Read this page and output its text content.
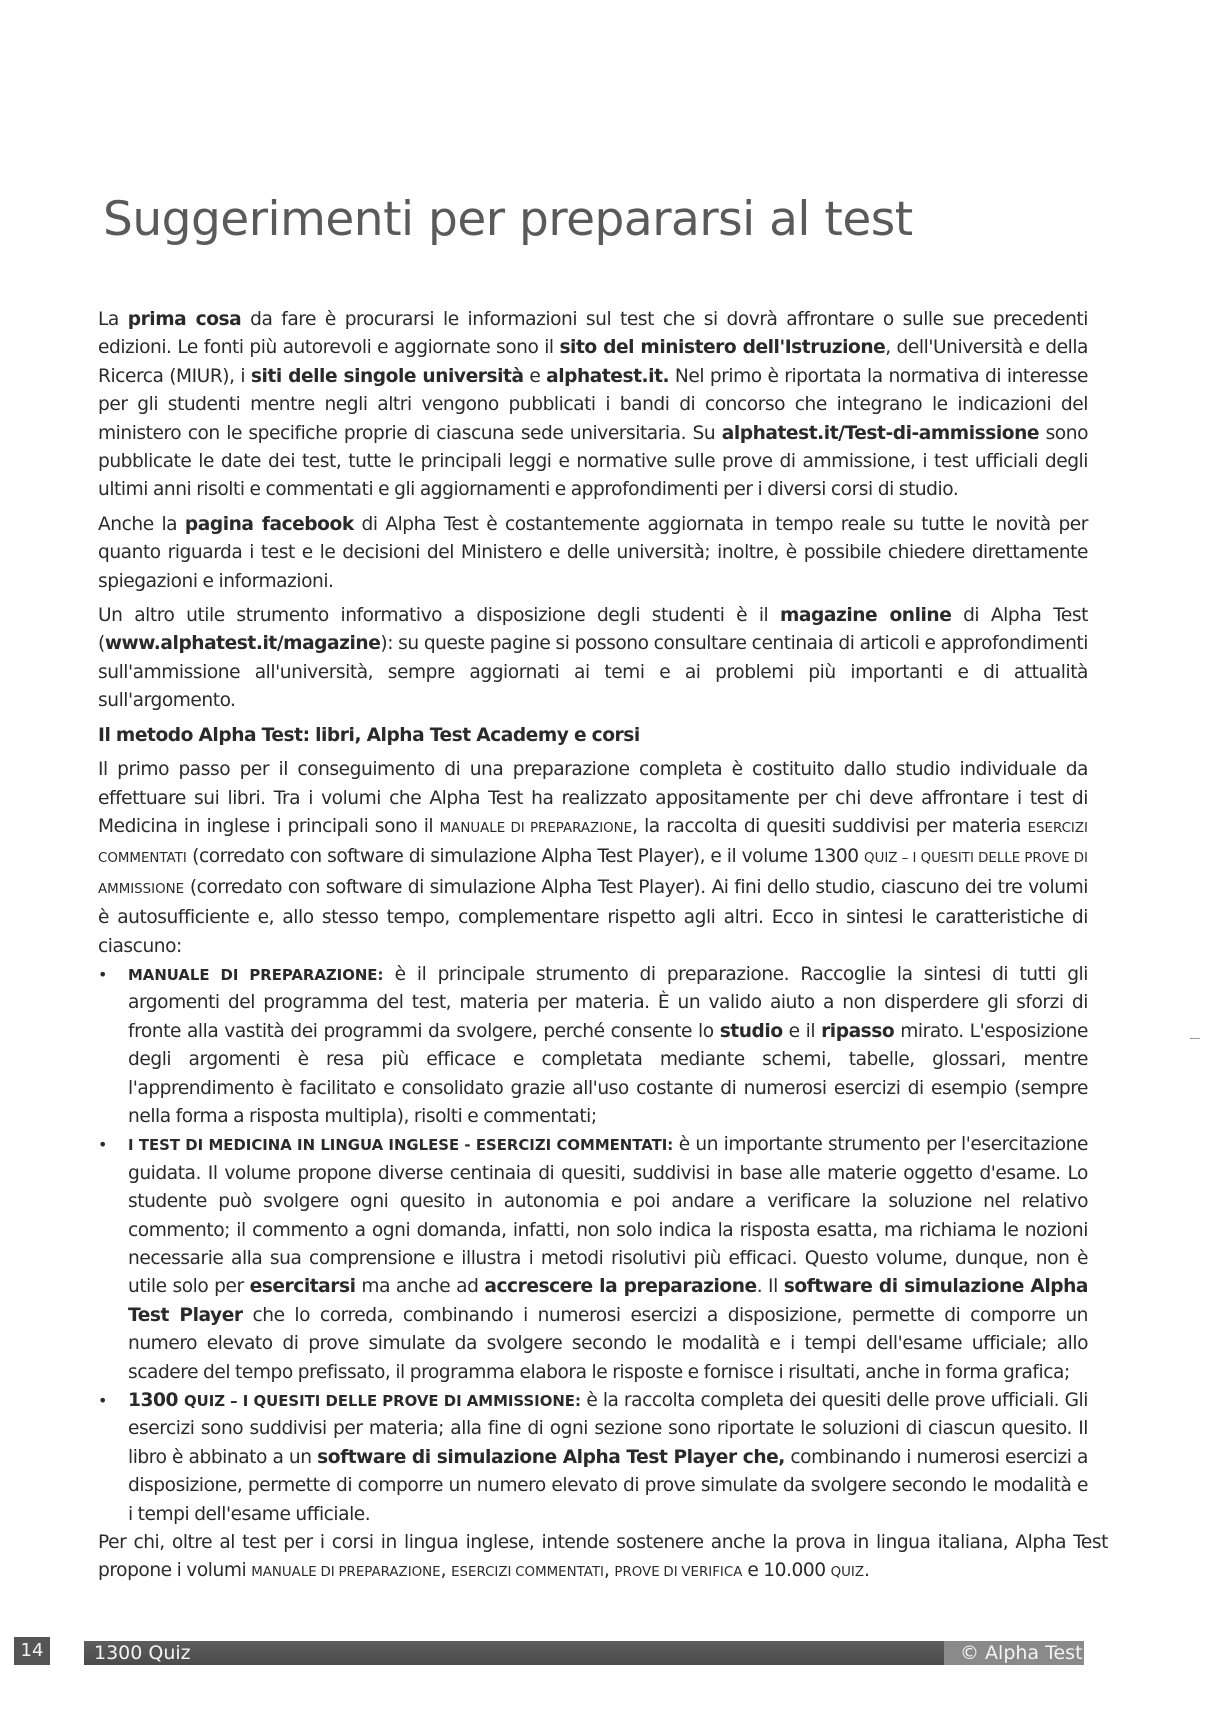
Suggerimenti per prepararsi al test

La prima cosa da fare è procurarsi le informazioni sul test che si dovrà affrontare o sulle sue precedenti edizioni. Le fonti più autorevoli e aggiornate sono il sito del ministero dell'Istruzione, dell'Università e della Ricerca (MIUR), i siti delle singole università e alphatest.it. Nel primo è riportata la normativa di interesse per gli studenti mentre negli altri vengono pubblicati i bandi di concorso che integrano le indicazioni del ministero con le specifiche proprie di ciascuna sede universitaria. Su alphatest.it/Test-di-ammissione sono pubblicate le date dei test, tutte le principali leggi e normative sulle prove di ammissione, i test ufficiali degli ultimi anni risolti e commentati e gli aggiornamenti e approfondimenti per i diversi corsi di studio.

Anche la pagina facebook di Alpha Test è costantemente aggiornata in tempo reale su tutte le novità per quanto riguarda i test e le decisioni del Ministero e delle università; inoltre, è possibile chiedere direttamente spiegazioni e informazioni.

Un altro utile strumento informativo a disposizione degli studenti è il magazine online di Alpha Test (www.alphatest.it/magazine): su queste pagine si possono consultare centinaia di articoli e approfondimenti sull'ammissione all'università, sempre aggiornati ai temi e ai problemi più importanti e di attualità sull'argomento.

Il metodo Alpha Test: libri, Alpha Test Academy e corsi

Il primo passo per il conseguimento di una preparazione completa è costituito dallo studio individuale da effettuare sui libri. Tra i volumi che Alpha Test ha realizzato appositamente per chi deve affrontare i test di Medicina in inglese i principali sono il MANUALE DI PREPARAZIONE, la raccolta di quesiti suddivisi per materia ESERCIZI COMMENTATI (corredato con software di simulazione Alpha Test Player), e il volume 1300 QUIZ – I QUESITI DELLE PROVE DI AMMISSIONE (corredato con software di simulazione Alpha Test Player). Ai fini dello studio, ciascuno dei tre volumi è autosufficiente e, allo stesso tempo, complementare rispetto agli altri. Ecco in sintesi le caratteristiche di ciascuno:

• MANUALE DI PREPARAZIONE: è il principale strumento di preparazione. Raccoglie la sintesi di tutti gli argomenti del programma del test, materia per materia. È un valido aiuto a non disperdere gli sforzi di fronte alla vastità dei programmi da svolgere, perché consente lo studio e il ripasso mirato. L'esposizione degli argomenti è resa più efficace e completata mediante schemi, tabelle, glossari, mentre l'apprendimento è facilitato e consolidato grazie all'uso costante di numerosi esercizi di esempio (sempre nella forma a risposta multipla), risolti e commentati;
• I TEST DI MEDICINA IN LINGUA INGLESE - ESERCIZI COMMENTATI: è un importante strumento per l'esercitazione guidata. Il volume propone diverse centinaia di quesiti, suddivisi in base alle materie oggetto d'esame. Lo studente può svolgere ogni quesito in autonomia e poi andare a verificare la soluzione nel relativo commento; il commento a ogni domanda, infatti, non solo indica la risposta esatta, ma richiama le nozioni necessarie alla sua comprensione e illustra i metodi risolutivi più efficaci. Questo volume, dunque, non è utile solo per esercitarsi ma anche ad accrescere la preparazione. Il software di simulazione Alpha Test Player che lo correda, combinando i numerosi esercizi a disposizione, permette di comporre un numero elevato di prove simulate da svolgere secondo le modalità e i tempi dell'esame ufficiale; allo scadere del tempo prefissato, il programma elabora le risposte e fornisce i risultati, anche in forma grafica;
• 1300 QUIZ – I QUESITI DELLE PROVE DI AMMISSIONE: è la raccolta completa dei quesiti delle prove ufficiali. Gli esercizi sono suddivisi per materia; alla fine di ogni sezione sono riportate le soluzioni di ciascun quesito. Il libro è abbinato a un software di simulazione Alpha Test Player che, combinando i numerosi esercizi a disposizione, permette di comporre un numero elevato di prove simulate da svolgere secondo le modalità e i tempi dell'esame ufficiale.

Per chi, oltre al test per i corsi in lingua inglese, intende sostenere anche la prova in lingua italiana, Alpha Test propone i volumi MANUALE DI PREPARAZIONE, ESERCIZI COMMENTATI, PROVE DI VERIFICA e 10.000 QUIZ.

14	1300 Quiz	© Alpha Test
